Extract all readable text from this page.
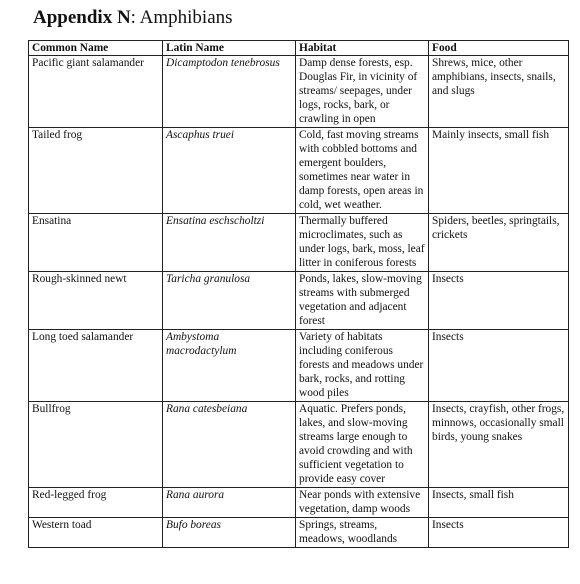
Appendix N: Amphibians
Common Name	Latin Name	Habitat	Food
Pacific giant salamander	Dicamptodon tenebrosus	Damp dense forests, esp. Douglas Fir, in vicinity of streams/ seepages, under logs, rocks, bark, or crawling in open	Shrews, mice, other amphibians, insects, snails, and slugs
Tailed frog	Ascaphus truei	Cold, fast moving streams with cobbled bottoms and emergent boulders, sometimes near water in damp forests, open areas in cold, wet weather.	Mainly insects, small fish
Ensatina	Ensatina eschscholtzi	Thermally buffered microclimates, such as under logs, bark, moss, leaf litter in coniferous forests	Spiders, beetles, springtails, crickets
Rough-skinned newt	Taricha granulosa	Ponds, lakes, slow-moving streams with submerged vegetation and adjacent forest	Insects
Long toed salamander	Ambystoma macrodactylum	Variety of habitats including coniferous forests and meadows under bark, rocks, and rotting wood piles	Insects
Bullfrog	Rana catesbeiana	Aquatic. Prefers ponds, lakes, and slow-moving streams large enough to avoid crowding and with sufficient vegetation to provide easy cover	Insects, crayfish, other frogs, minnows, occasionally small birds, young snakes
Red-legged frog	Rana aurora	Near ponds with extensive vegetation, damp woods	Insects, small fish
Western toad	Bufo boreas	Springs, streams, meadows, woodlands	Insects
